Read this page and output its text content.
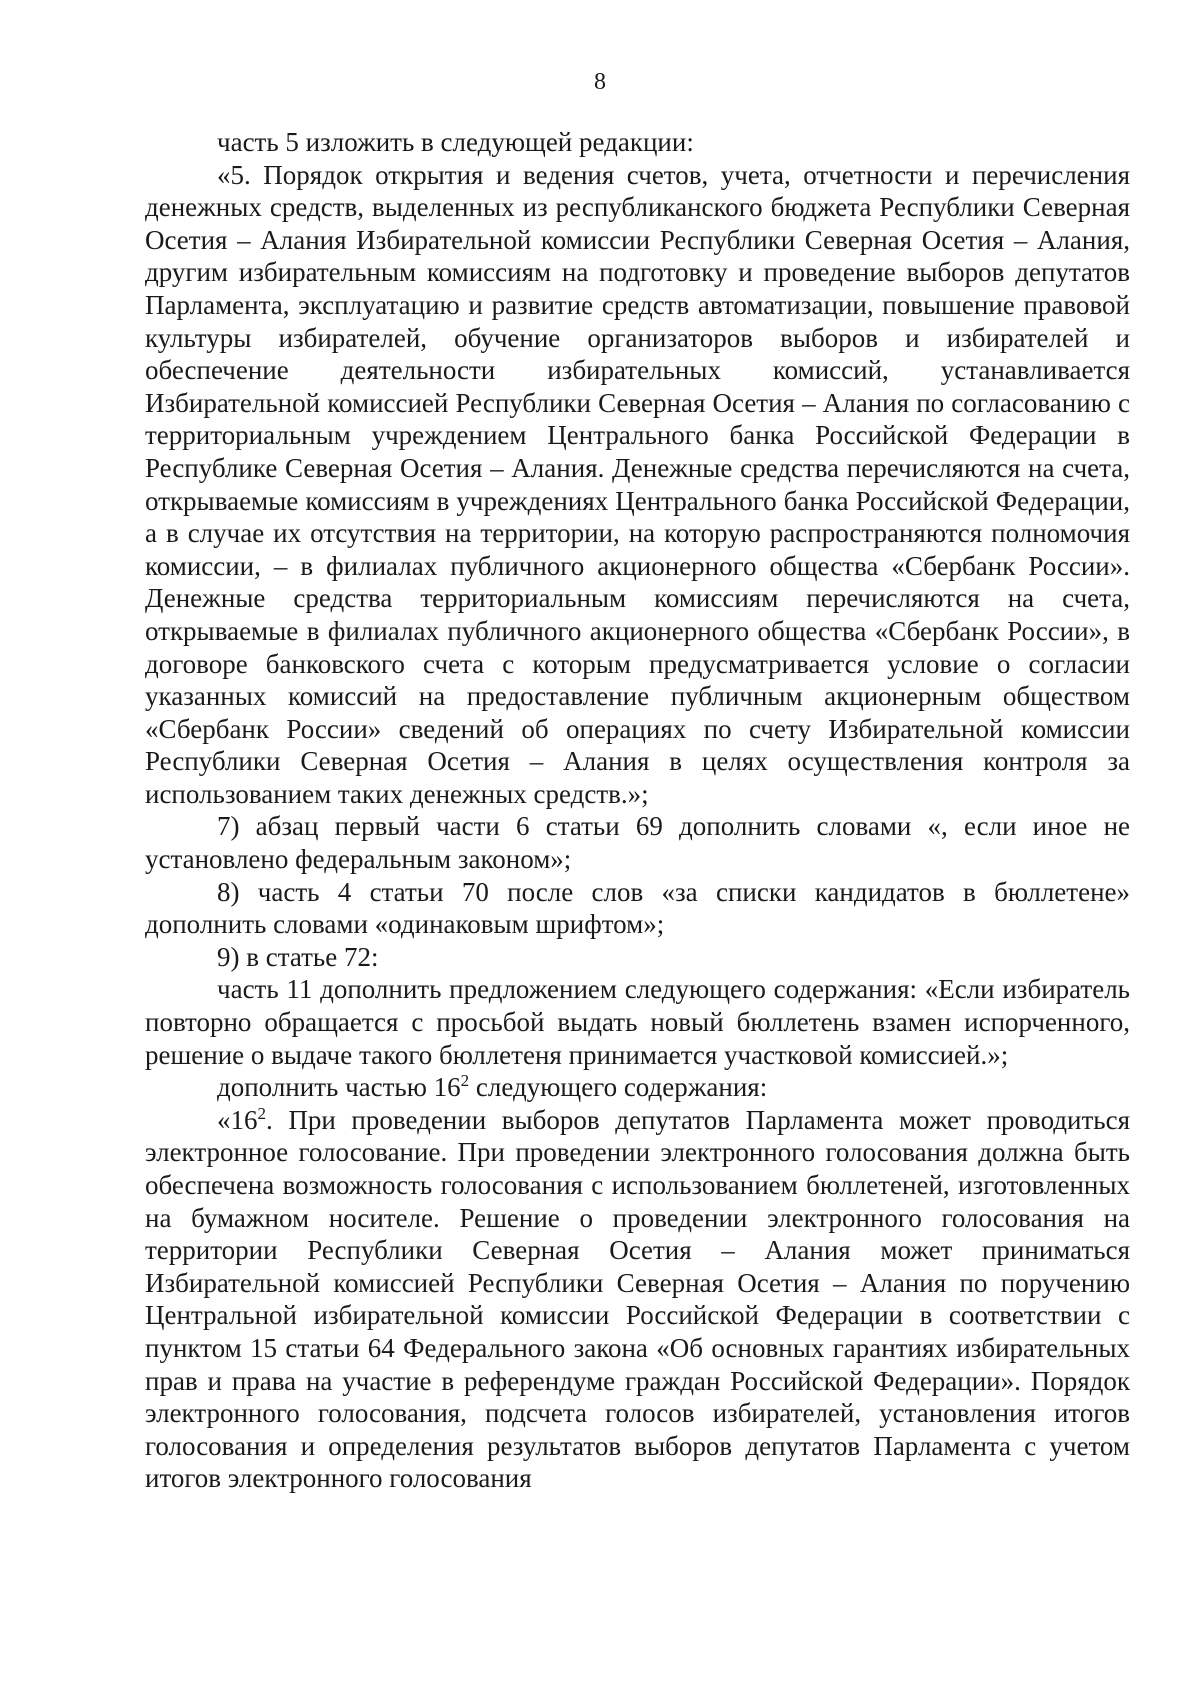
8

часть 5 изложить в следующей редакции:

«5. Порядок открытия и ведения счетов, учета, отчетности и перечисления денежных средств, выделенных из республиканского бюджета Республики Северная Осетия – Алания Избирательной комиссии Республики Северная Осетия – Алания, другим избирательным комиссиям на подготовку и проведение выборов депутатов Парламента, эксплуатацию и развитие средств автоматизации, повышение правовой культуры избирателей, обучение организаторов выборов и избирателей и обеспечение деятельности избирательных комиссий, устанавливается Избирательной комиссией Республики Северная Осетия – Алания по согласованию с территориальным учреждением Центрального банка Российской Федерации в Республике Северная Осетия – Алания. Денежные средства перечисляются на счета, открываемые комиссиям в учреждениях Центрального банка Российской Федерации, а в случае их отсутствия на территории, на которую распространяются полномочия комиссии, – в филиалах публичного акционерного общества «Сбербанк России». Денежные средства территориальным комиссиям перечисляются на счета, открываемые в филиалах публичного акционерного общества «Сбербанк России», в договоре банковского счета с которым предусматривается условие о согласии указанных комиссий на предоставление публичным акционерным обществом «Сбербанк России» сведений об операциях по счету Избирательной комиссии Республики Северная Осетия – Алания в целях осуществления контроля за использованием таких денежных средств.»;

7) абзац первый части 6 статьи 69 дополнить словами «, если иное не установлено федеральным законом»;

8) часть 4 статьи 70 после слов «за списки кандидатов в бюллетене» дополнить словами «одинаковым шрифтом»;

9) в статье 72:

часть 11 дополнить предложением следующего содержания: «Если избиратель повторно обращается с просьбой выдать новый бюллетень взамен испорченного, решение о выдаче такого бюллетеня принимается участковой комиссией.»;

дополнить частью $16^2$ следующего содержания:

«$16^2$. При проведении выборов депутатов Парламента может проводиться электронное голосование. При проведении электронного голосования должна быть обеспечена возможность голосования с использованием бюллетеней, изготовленных на бумажном носителе. Решение о проведении электронного голосования на территории Республики Северная Осетия – Алания может приниматься Избирательной комиссией Республики Северная Осетия – Алания по поручению Центральной избирательной комиссии Российской Федерации в соответствии с пунктом 15 статьи 64 Федерального закона «Об основных гарантиях избирательных прав и права на участие в референдуме граждан Российской Федерации». Порядок электронного голосования, подсчета голосов избирателей, установления итогов голосования и определения результатов выборов депутатов Парламента с учетом итогов электронного голосования
